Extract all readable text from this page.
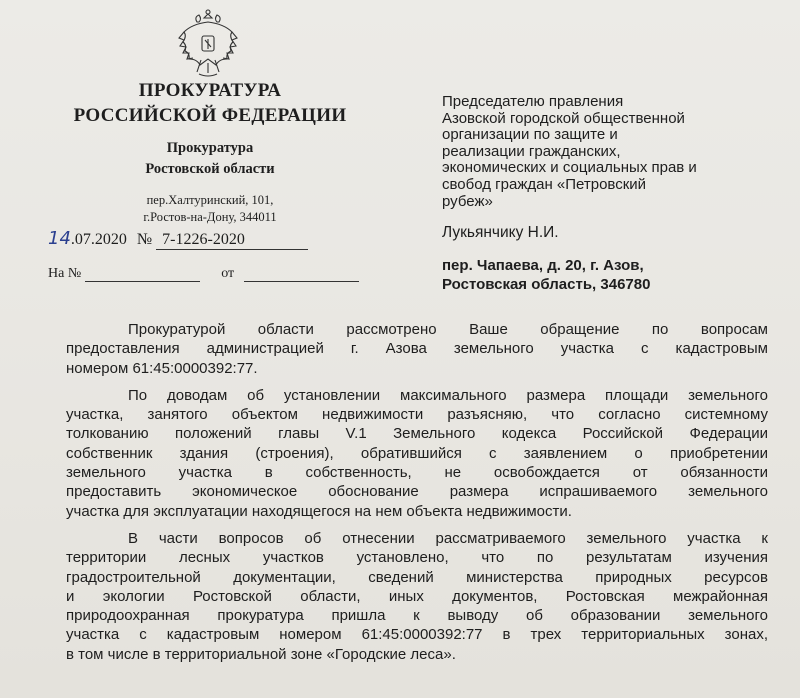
ПРОКУРАТУРА
РОССИЙСКОЙ ФЕДЕРАЦИИ
Прокуратура
Ростовской области
пер.Халтуринский, 101,
г.Ростов-на-Дону, 344011
14.07.2020 № 7-1226-2020
На №	от
Председателю правления
Азовской городской общественной
организации по защите и
реализации гражданских,
экономических и социальных прав и
свобод граждан «Петровский
рубеж»
Лукьянчику Н.И.
пер. Чапаева, д. 20, г. Азов,
Ростовская область, 346780

Прокуратурой области рассмотрено Ваше обращение по вопросам
предоставления администрацией г. Азова земельного участка с кадастровым
номером 61:45:0000392:77.

По доводам об установлении максимального размера площади земельного
участка, занятого объектом недвижимости разъясняю, что согласно системному
толкованию положений главы V.1 Земельного кодекса Российской Федерации
собственник здания (строения), обратившийся с заявлением о приобретении
земельного участка в собственность, не освобождается от обязанности
предоставить экономическое обоснование размера испрашиваемого земельного
участка для эксплуатации находящегося на нем объекта недвижимости.

В части вопросов об отнесении рассматриваемого земельного участка к
территории лесных участков установлено, что по результатам изучения
градостроительной документации, сведений министерства природных ресурсов
и экологии Ростовской области, иных документов, Ростовская межрайонная
природоохранная прокуратура пришла к выводу об образовании земельного
участка с кадастровым номером 61:45:0000392:77 в трех территориальных зонах,
в том числе в территориальной зоне «Городские леса».
